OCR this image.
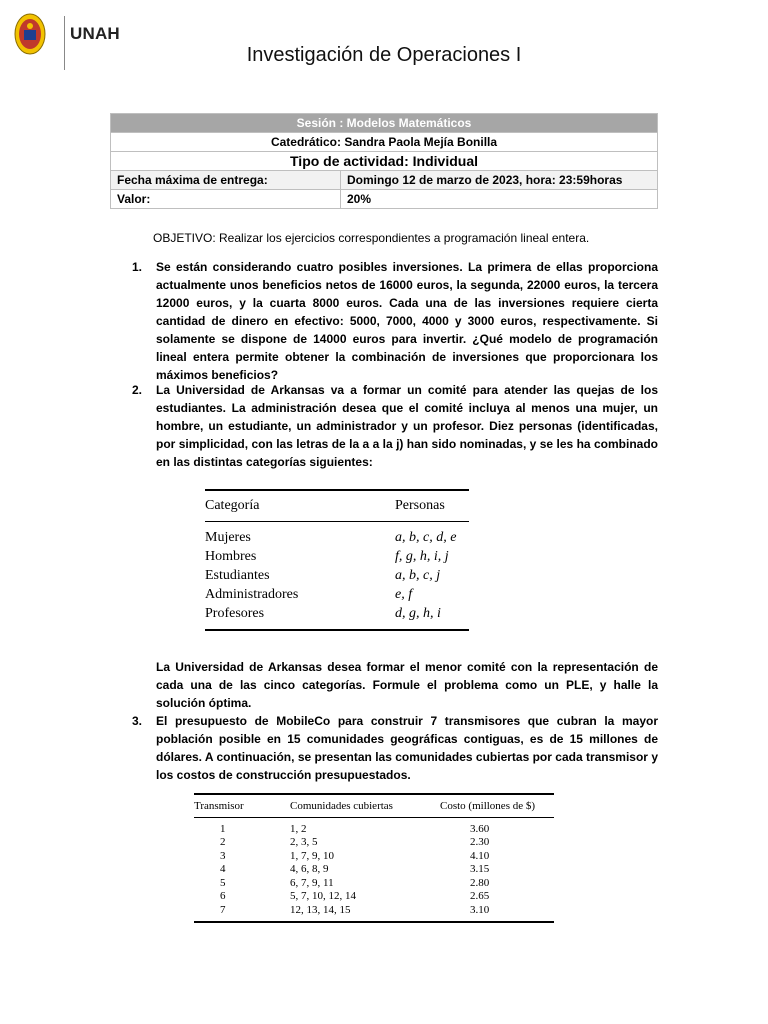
UNAH
Investigación de Operaciones I
Sesión : Modelos Matemáticos	
Catedrático: Sandra Paola Mejía Bonilla	
Tipo de actividad: Individual	
Fecha máxima de entrega:	Domingo 12 de marzo de 2023, hora: 23:59horas
Valor:	20%
OBJETIVO: Realizar los ejercicios correspondientes a programación lineal entera.
1. Se están considerando cuatro posibles inversiones. La primera de ellas proporciona actualmente unos beneficios netos de 16000 euros, la segunda, 22000 euros, la tercera 12000 euros, y la cuarta 8000 euros. Cada una de las inversiones requiere cierta cantidad de dinero en efectivo: 5000, 7000, 4000 y 3000 euros, respectivamente. Si solamente se dispone de 14000 euros para invertir. ¿Qué modelo de programación lineal entera permite obtener la combinación de inversiones que proporcionara los máximos beneficios?
2. La Universidad de Arkansas va a formar un comité para atender las quejas de los estudiantes. La administración desea que el comité incluya al menos una mujer, un hombre, un estudiante, un administrador y un profesor. Diez personas (identificadas, por simplicidad, con las letras de la a a la j) han sido nominadas, y se les ha combinado en las distintas categorías siguientes:
Categoría	Personas
Mujeres	a, b, c, d, e
Hombres	f, g, h, i, j
Estudiantes	a, b, c, j
Administradores	e, f
Profesores	d, g, h, i
La Universidad de Arkansas desea formar el menor comité con la representación de cada una de las cinco categorías. Formule el problema como un PLE, y halle la solución óptima.
3. El presupuesto de MobileCo para construir 7 transmisores que cubran la mayor población posible en 15 comunidades geográficas contiguas, es de 15 millones de dólares. A continuación, se presentan las comunidades cubiertas por cada transmisor y los costos de construcción presupuestados.
Transmisor	Comunidades cubiertas	Costo (millones de $)
1	1, 2	3.60
2	2, 3, 5	2.30
3	1, 7, 9, 10	4.10
4	4, 6, 8, 9	3.15
5	6, 7, 9, 11	2.80
6	5, 7, 10, 12, 14	2.65
7	12, 13, 14, 15	3.10
